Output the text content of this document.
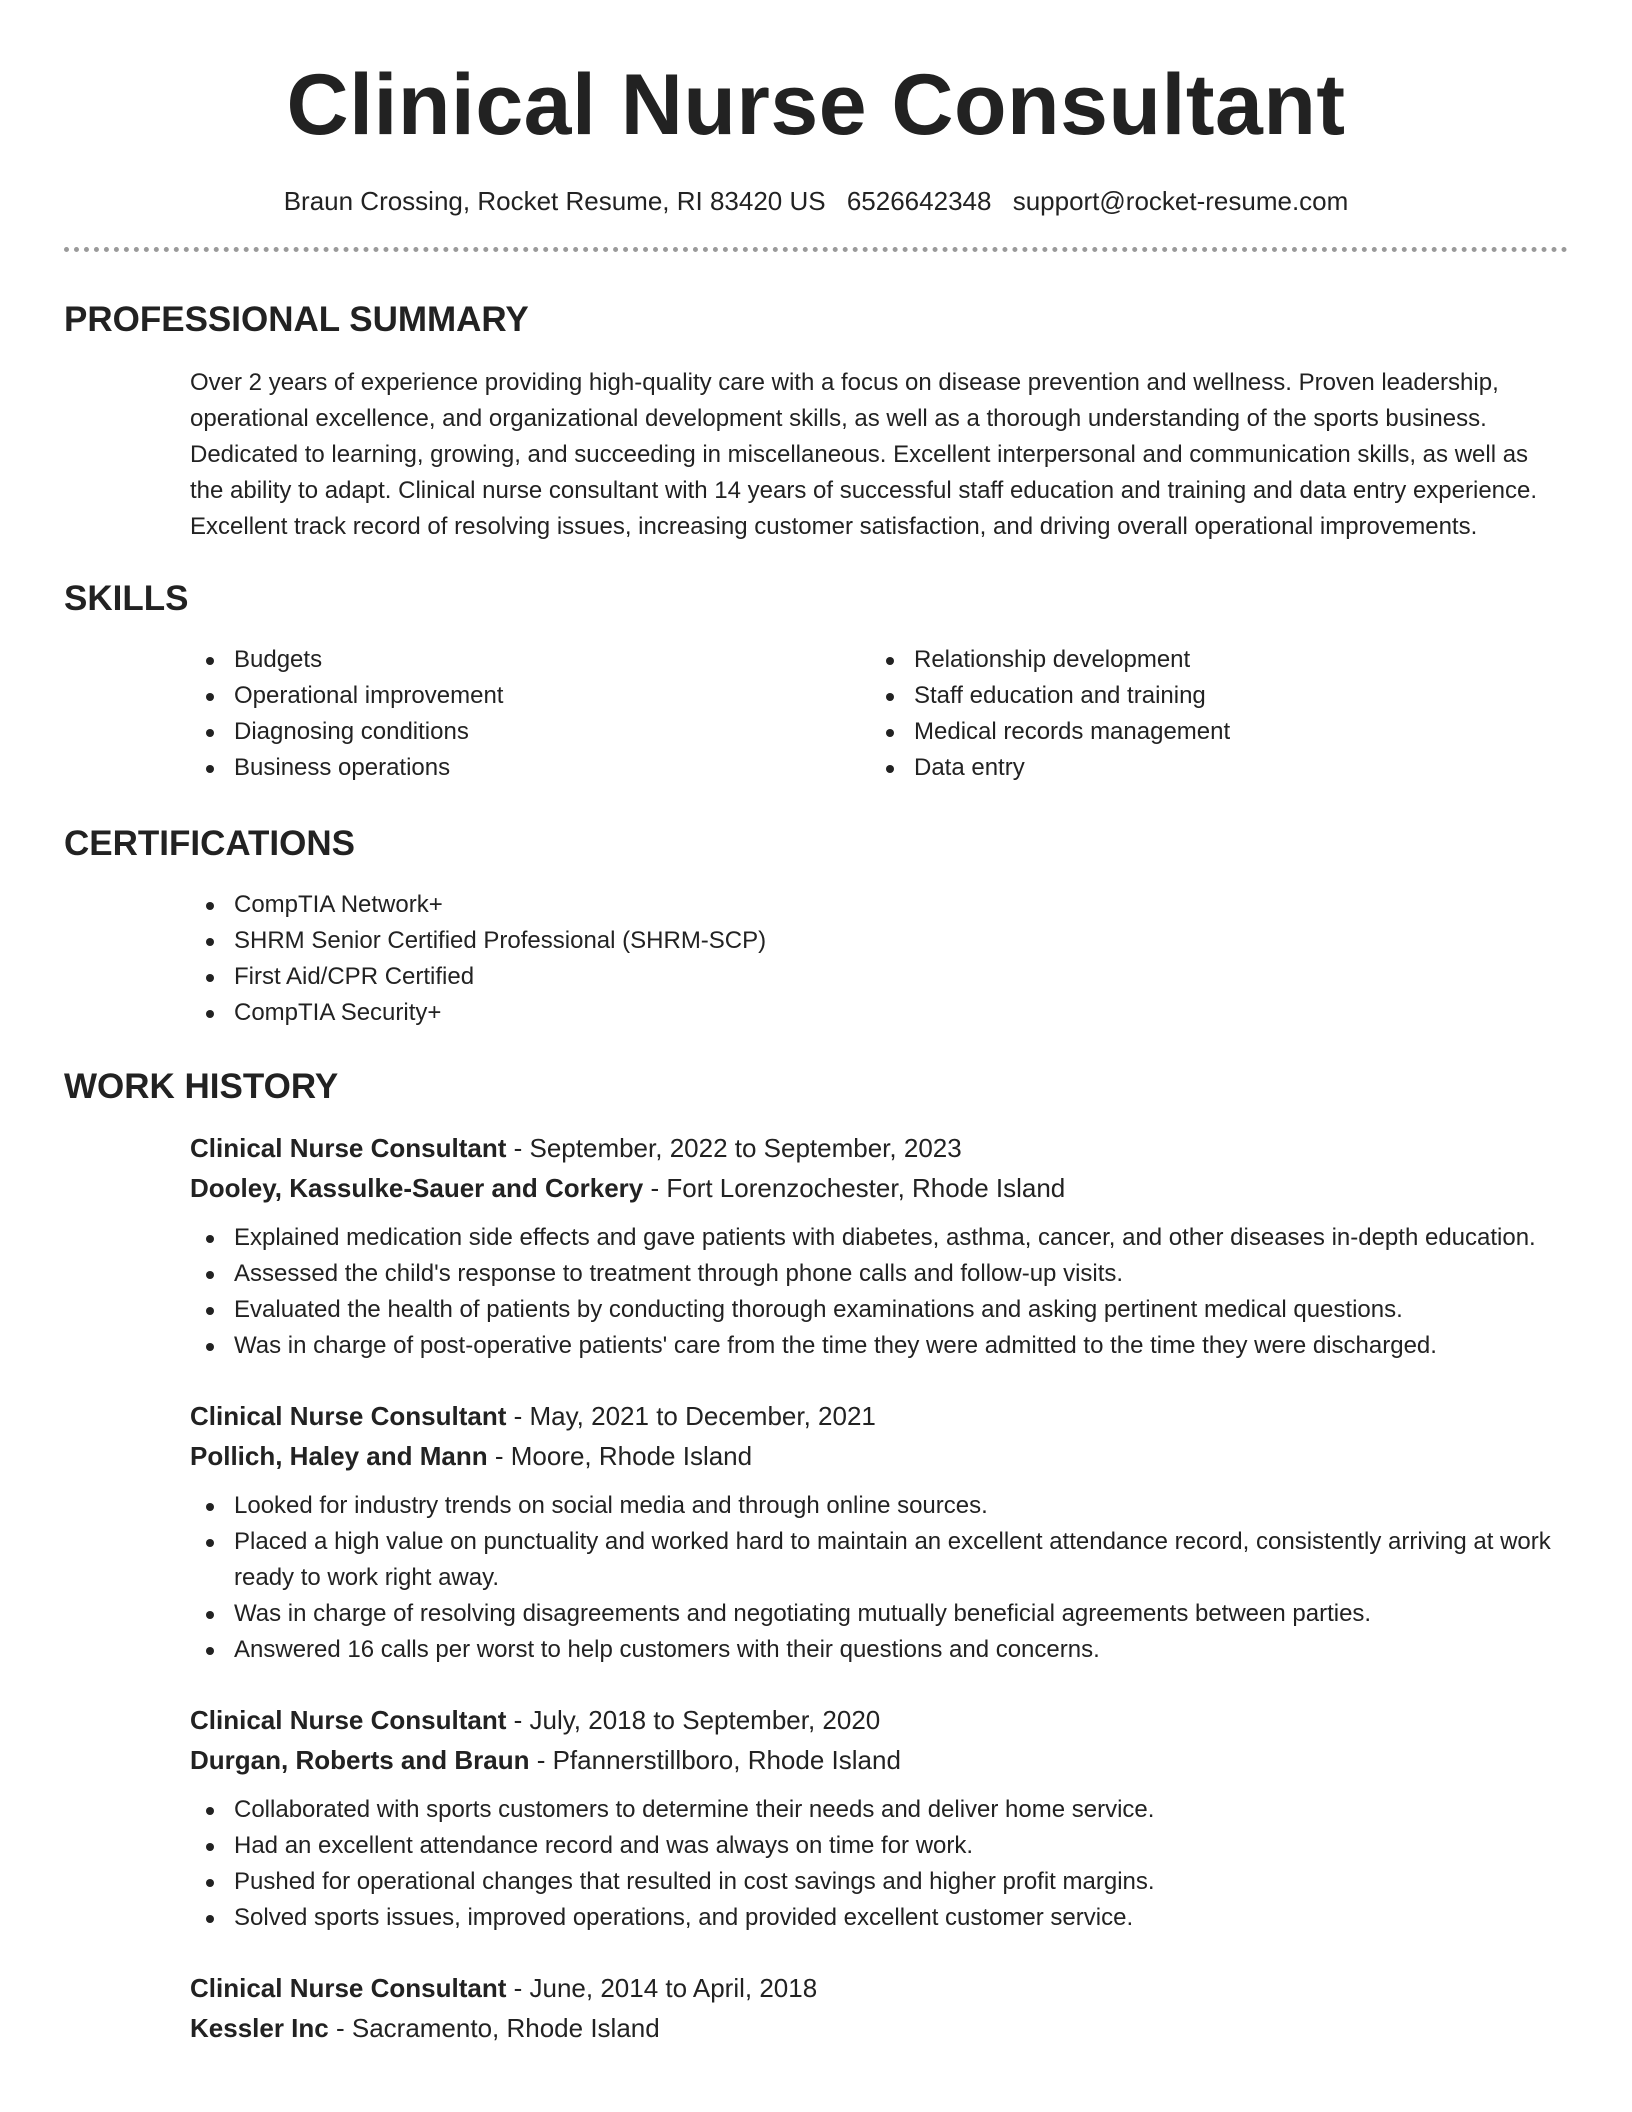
Clinical Nurse Consultant
Braun Crossing, Rocket Resume, RI 83420 US 6526642348 support@rocket-resume.com
PROFESSIONAL SUMMARY

Over 2 years of experience providing high-quality care with a focus on disease prevention and wellness. Proven leadership, operational excellence, and organizational development skills, as well as a thorough understanding of the sports business. Dedicated to learning, growing, and succeeding in miscellaneous. Excellent interpersonal and communication skills, as well as the ability to adapt. Clinical nurse consultant with 14 years of successful staff education and training and data entry experience. Excellent track record of resolving issues, increasing customer satisfaction, and driving overall operational improvements.

SKILLS
Budgets
Operational improvement
Diagnosing conditions
Business operations
Relationship development
Staff education and training
Medical records management
Data entry
CERTIFICATIONS
CompTIA Network+
SHRM Senior Certified Professional (SHRM-SCP)
First Aid/CPR Certified
CompTIA Security+
WORK HISTORY
Clinical Nurse Consultant - September, 2022 to September, 2023
Dooley, Kassulke-Sauer and Corkery - Fort Lorenzochester, Rhode Island
Explained medication side effects and gave patients with diabetes, asthma, cancer, and other diseases in-depth education.
Assessed the child's response to treatment through phone calls and follow-up visits.
Evaluated the health of patients by conducting thorough examinations and asking pertinent medical questions.
Was in charge of post-operative patients' care from the time they were admitted to the time they were discharged.
Clinical Nurse Consultant - May, 2021 to December, 2021
Pollich, Haley and Mann - Moore, Rhode Island
Looked for industry trends on social media and through online sources.
Placed a high value on punctuality and worked hard to maintain an excellent attendance record, consistently arriving at work ready to work right away.
Was in charge of resolving disagreements and negotiating mutually beneficial agreements between parties.
Answered 16 calls per worst to help customers with their questions and concerns.
Clinical Nurse Consultant - July, 2018 to September, 2020
Durgan, Roberts and Braun - Pfannerstillboro, Rhode Island
Collaborated with sports customers to determine their needs and deliver home service.
Had an excellent attendance record and was always on time for work.
Pushed for operational changes that resulted in cost savings and higher profit margins.
Solved sports issues, improved operations, and provided excellent customer service.
Clinical Nurse Consultant - June, 2014 to April, 2018
Kessler Inc - Sacramento, Rhode Island
